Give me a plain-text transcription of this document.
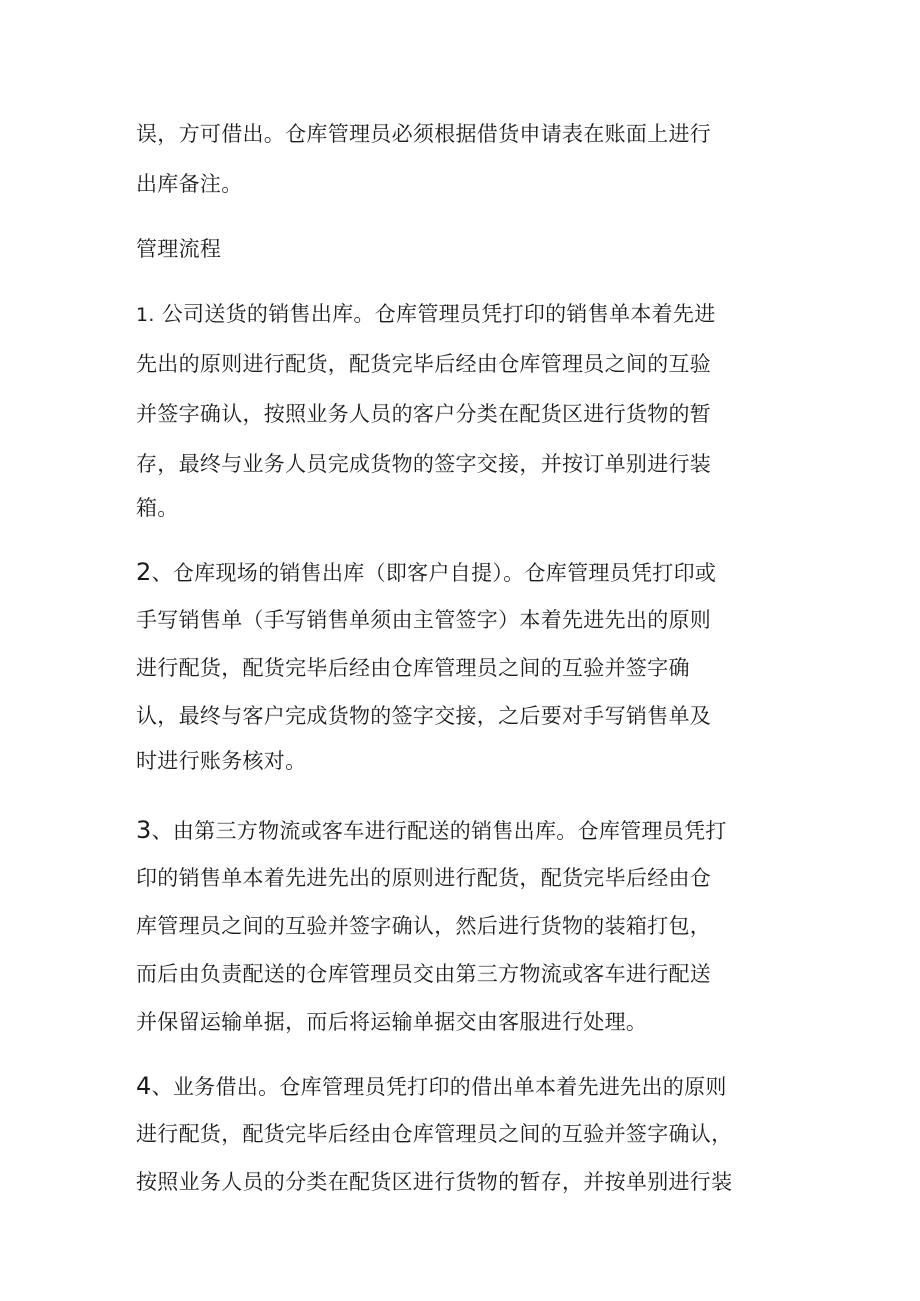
误，方可借出。仓库管理员必须根据借货申请表在账面上进行
出库备注。
管理流程
1. 公司送货的销售出库。仓库管理员凭打印的销售单本着先进
先出的原则进行配货，配货完毕后经由仓库管理员之间的互验
并签字确认，按照业务人员的客户分类在配货区进行货物的暂
存，最终与业务人员完成货物的签字交接，并按订单别进行装
箱。
2、仓库现场的销售出库（即客户自提）。仓库管理员凭打印或
手写销售单（手写销售单须由主管签字）本着先进先出的原则
进行配货，配货完毕后经由仓库管理员之间的互验并签字确
认，最终与客户完成货物的签字交接，之后要对手写销售单及
时进行账务核对。
3、由第三方物流或客车进行配送的销售出库。仓库管理员凭打
印的销售单本着先进先出的原则进行配货，配货完毕后经由仓
库管理员之间的互验并签字确认，然后进行货物的装箱打包，
而后由负责配送的仓库管理员交由第三方物流或客车进行配送
并保留运输单据，而后将运输单据交由客服进行处理。
4、业务借出。仓库管理员凭打印的借出单本着先进先出的原则
进行配货，配货完毕后经由仓库管理员之间的互验并签字确认，
按照业务人员的分类在配货区进行货物的暂存，并按单别进行装
